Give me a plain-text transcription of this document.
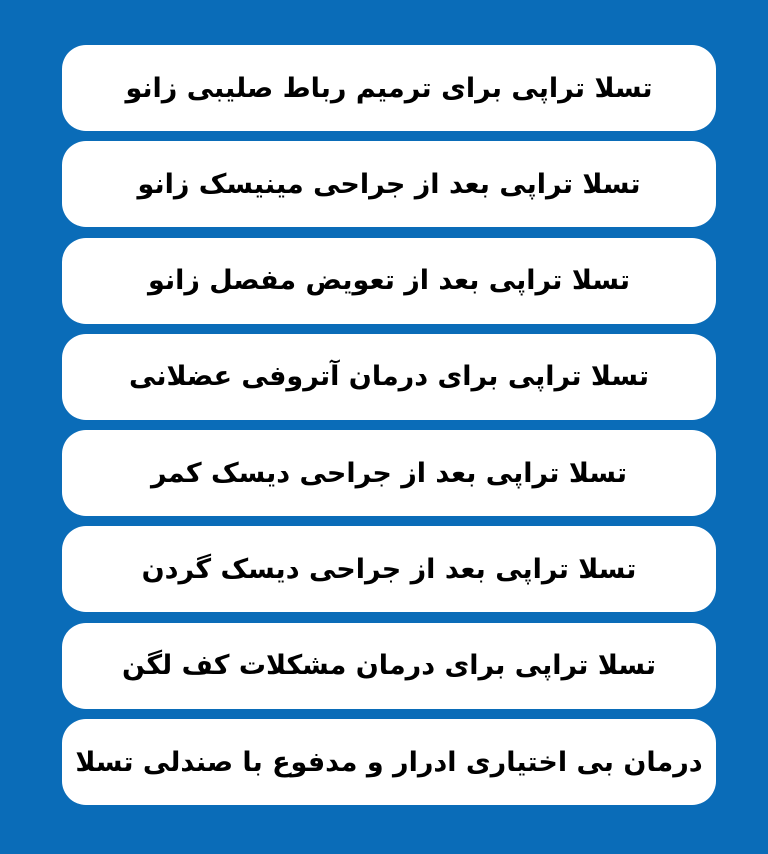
تسلا تراپی برای ترمیم رباط صلیبی زانو
تسلا تراپی بعد از جراحی مینیسک زانو
تسلا تراپی بعد از تعویض مفصل زانو
تسلا تراپی برای درمان آتروفی عضلانی
تسلا تراپی بعد از جراحی دیسک کمر
تسلا تراپی بعد از جراحی دیسک گردن
تسلا تراپی برای درمان مشکلات کف لگن
درمان بی اختیاری ادرار و مدفوع با صندلی تسلا
